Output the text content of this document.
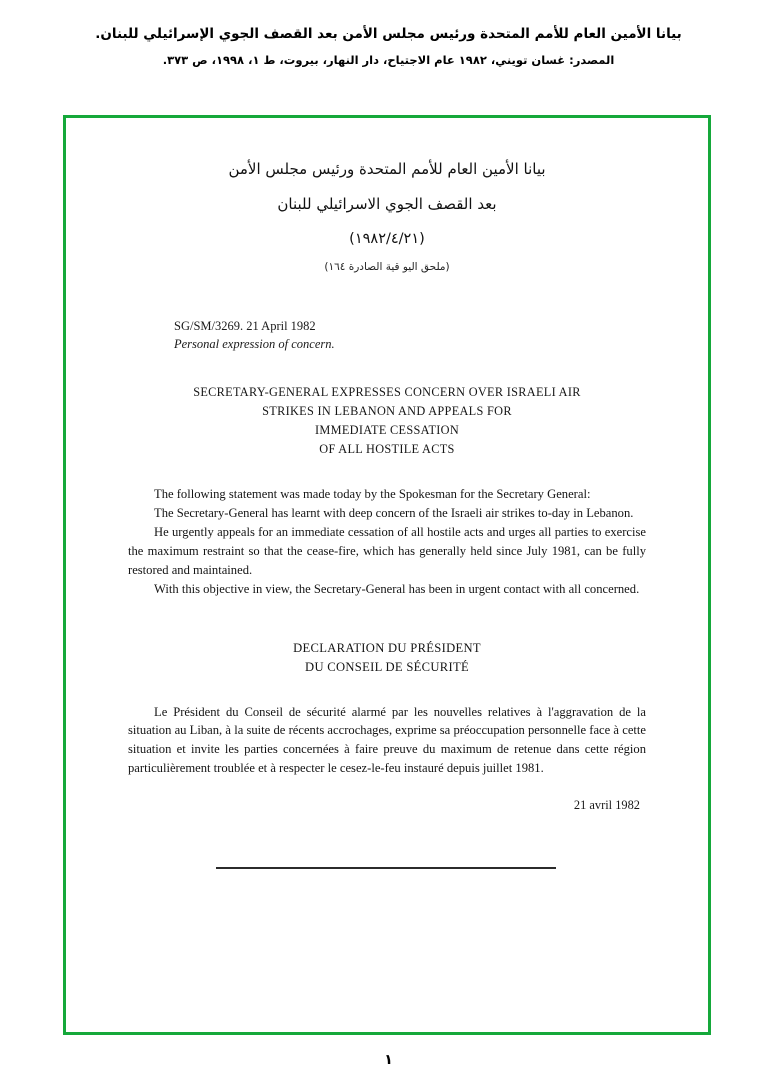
بيانا الأمين العام للأمم المتحدة ورئيس مجلس الأمن بعد القصف الجوي الإسرائيلي للبنان.
المصدر: غسان تويني، ١٩٨٢ عام الاجتياح، دار النهار، بيروت، ط ١، ١٩٩٨، ص ٣٧٣.
بيانا الأمين العام للأمم المتحدة ورئيس مجلس الأمن
بعد القصف الجوي الاسرائيلي للبنان
(١٩٨٢/٤/٢١)
(ملحق اليو قية الصادرة ١٦٤)
SG/SM/3269. 21 April 1982
Personal expression of concern.
SECRETARY-GENERAL EXPRESSES CONCERN OVER ISRAELI AIR
STRIKES IN LEBANON AND APPEALS FOR
IMMEDIATE CESSATION
OF ALL HOSTILE ACTS

The following statement was made today by the Spokesman for the Secretary General:

The Secretary-General has learnt with deep concern of the Israeli air strikes to-day in Lebanon.

He urgently appeals for an immediate cessation of all hostile acts and urges all parties to exercise the maximum restraint so that the cease-fire, which has generally held since July 1981, can be fully restored and maintained.

With this objective in view, the Secretary-General has been in urgent contact with all concerned.

DECLARATION DU PRÉSIDENT
DU CONSEIL DE SÉCURITÉ

Le Président du Conseil de sécurité alarmé par les nouvelles relatives à l'aggravation de la situation au Liban, à la suite de récents accrochages, exprime sa préoccupation personnelle face à cette situation et invite les parties concernées à faire preuve du maximum de retenue dans cette région particulièrement troublée et à respecter le cesez-le-feu instauré depuis juillet 1981.

21 avril 1982
١
